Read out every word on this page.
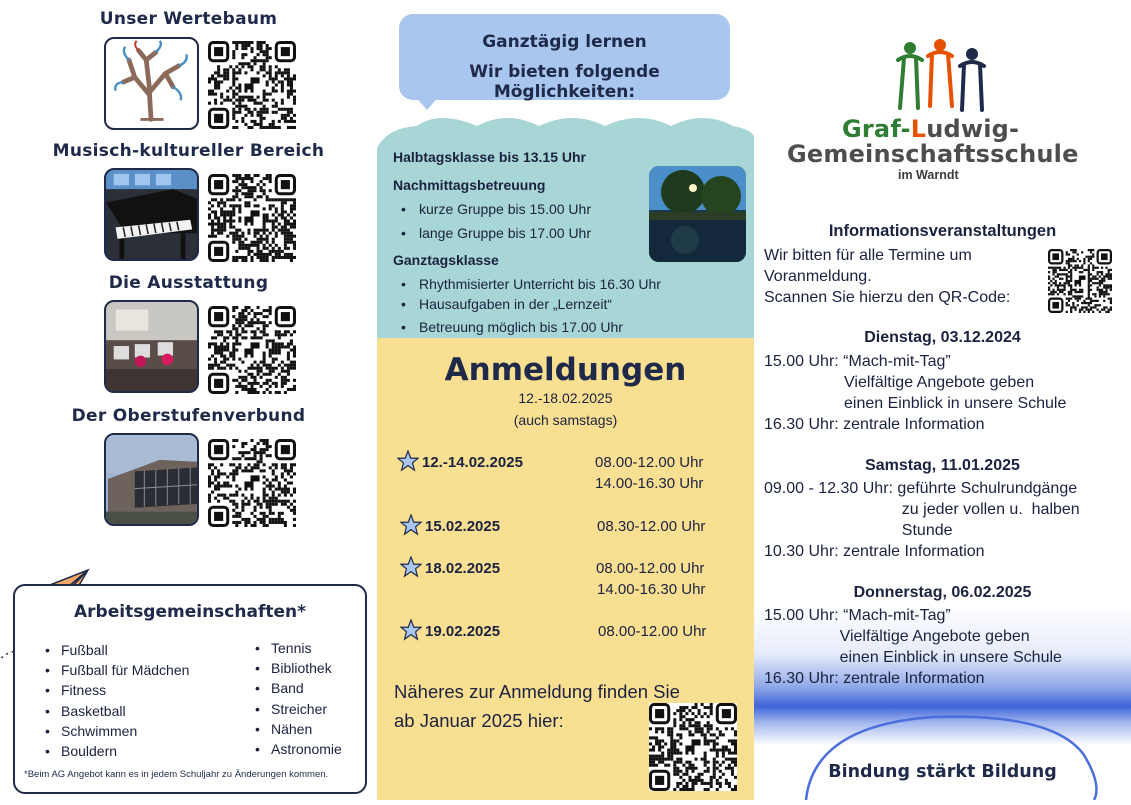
Unser Wertebaum
Musisch-kultureller Bereich
Die Ausstattung
Der Oberstufenverbund
Arbeitsgemeinschaften*
• Fußball
• Fußball für Mädchen
• Fitness
• Basketball
• Schwimmen
• Bouldern
• Tennis
• Bibliothek
• Band
• Streicher
• Nähen
• Astronomie
*Beim AG Angebot kann es in jedem Schuljahr zu Änderungen kommen.
Ganztägig lernen
Wir bieten folgende Möglichkeiten:
Halbtagsklasse bis 13.15 Uhr
Nachmittagsbetreuung
• kurze Gruppe bis 15.00 Uhr
• lange Gruppe bis 17.00 Uhr
Ganztagsklasse
• Rhythmisierter Unterricht bis 16.30 Uhr
• Hausaufgaben in der „Lernzeit“
• Betreuung möglich bis 17.00 Uhr
Anmeldungen
12.-18.02.2025
(auch samstags)
12.-14.02.2025	08.00-12.00 Uhr
14.00-16.30 Uhr
15.02.2025	08.30-12.00 Uhr
18.02.2025	08.00-12.00 Uhr
14.00-16.30 Uhr
19.02.2025	08.00-12.00 Uhr
Näheres zur Anmeldung finden Sie
ab Januar 2025 hier:
Graf-Ludwig-
Gemeinschaftsschule
im Warndt
Informationsveranstaltungen
Wir bitten für alle Termine um
Voranmeldung.
Scannen Sie hierzu den QR-Code:
Dienstag, 03.12.2024
15.00 Uhr: “Mach-mit-Tag”
Vielfältige Angebote geben
einen Einblick in unsere Schule
16.30 Uhr: zentrale Information
Samstag, 11.01.2025
09.00 - 12.30 Uhr: geführte Schulrundgänge
zu jeder vollen u.  halben
Stunde
10.30 Uhr: zentrale Information
Donnerstag, 06.02.2025
15.00 Uhr: “Mach-mit-Tag”
Vielfältige Angebote geben
einen Einblick in unsere Schule
16.30 Uhr: zentrale Information
Bindung stärkt Bildung
